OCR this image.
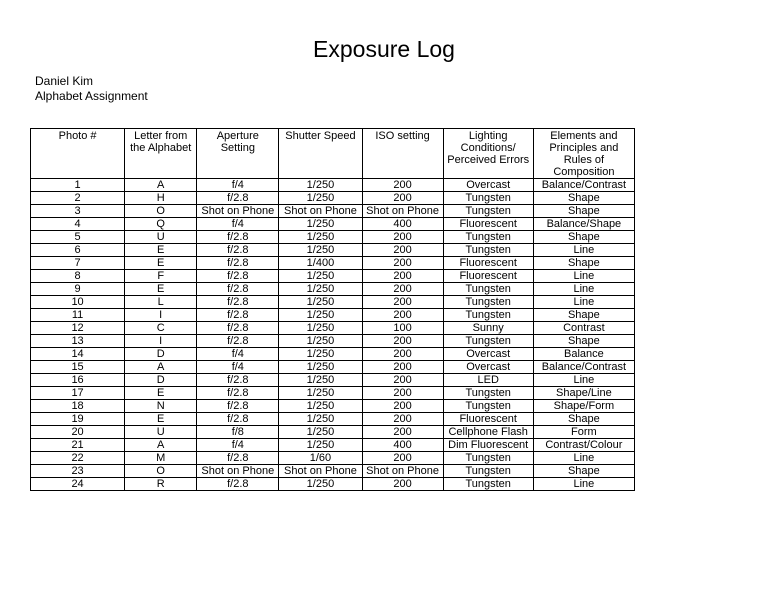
Exposure Log
Daniel Kim
Alphabet Assignment
Photo #	Letter from the Alphabet	Aperture Setting	Shutter Speed	ISO setting	Lighting Conditions/ Perceived Errors	Elements and Principles and Rules of Composition
1	A	f/4	1/250	200	Overcast	Balance/Contrast
2	H	f/2.8	1/250	200	Tungsten	Shape
3	O	Shot on Phone	Shot on Phone	Shot on Phone	Tungsten	Shape
4	Q	f/4	1/250	400	Fluorescent	Balance/Shape
5	U	f/2.8	1/250	200	Tungsten	Shape
6	E	f/2.8	1/250	200	Tungsten	Line
7	E	f/2.8	1/400	200	Fluorescent	Shape
8	F	f/2.8	1/250	200	Fluorescent	Line
9	E	f/2.8	1/250	200	Tungsten	Line
10	L	f/2.8	1/250	200	Tungsten	Line
11	I	f/2.8	1/250	200	Tungsten	Shape
12	C	f/2.8	1/250	100	Sunny	Contrast
13	I	f/2.8	1/250	200	Tungsten	Shape
14	D	f/4	1/250	200	Overcast	Balance
15	A	f/4	1/250	200	Overcast	Balance/Contrast
16	D	f/2.8	1/250	200	LED	Line
17	E	f/2.8	1/250	200	Tungsten	Shape/Line
18	N	f/2.8	1/250	200	Tungsten	Shape/Form
19	E	f/2.8	1/250	200	Fluorescent	Shape
20	U	f/8	1/250	200	Cellphone Flash	Form
21	A	f/4	1/250	400	Dim Fluorescent	Contrast/Colour
22	M	f/2.8	1/60	200	Tungsten	Line
23	O	Shot on Phone	Shot on Phone	Shot on Phone	Tungsten	Shape
24	R	f/2.8	1/250	200	Tungsten	Line
